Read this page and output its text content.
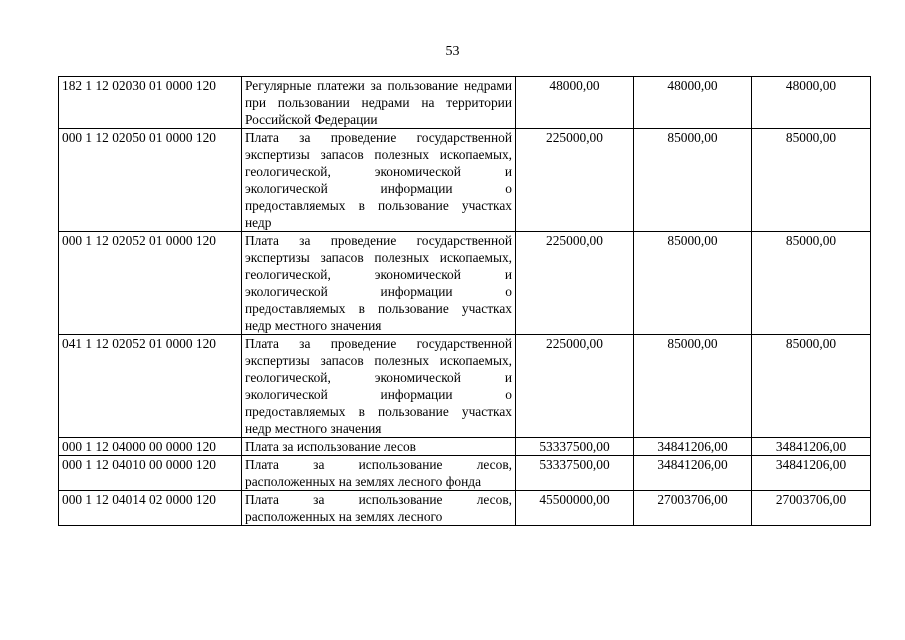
53
182 1 12 02030 01 0000 120	Регулярные платежи за пользование недрами при пользовании недрами на территории Российской Федерации	48000,00	48000,00	48000,00
000 1 12 02050 01 0000 120	Плата за проведение государственной экспертизы запасов полезных ископаемых, геологической, экономической и экологической информации о предоставляемых в пользование участках недр	225000,00	85000,00	85000,00
000 1 12 02052 01 0000 120	Плата за проведение государственной экспертизы запасов полезных ископаемых, геологической, экономической и экологической информации о предоставляемых в пользование участках недр местного значения	225000,00	85000,00	85000,00
041 1 12 02052 01 0000 120	Плата за проведение государственной экспертизы запасов полезных ископаемых, геологической, экономической и экологической информации о предоставляемых в пользование участках недр местного значения	225000,00	85000,00	85000,00
000 1 12 04000 00 0000 120	Плата за использование лесов	53337500,00	34841206,00	34841206,00
000 1 12 04010 00 0000 120	Плата за использование лесов, расположенных на землях лесного фонда	53337500,00	34841206,00	34841206,00
000 1 12 04014 02 0000 120	Плата за использование лесов, расположенных на землях лесного	45500000,00	27003706,00	27003706,00
